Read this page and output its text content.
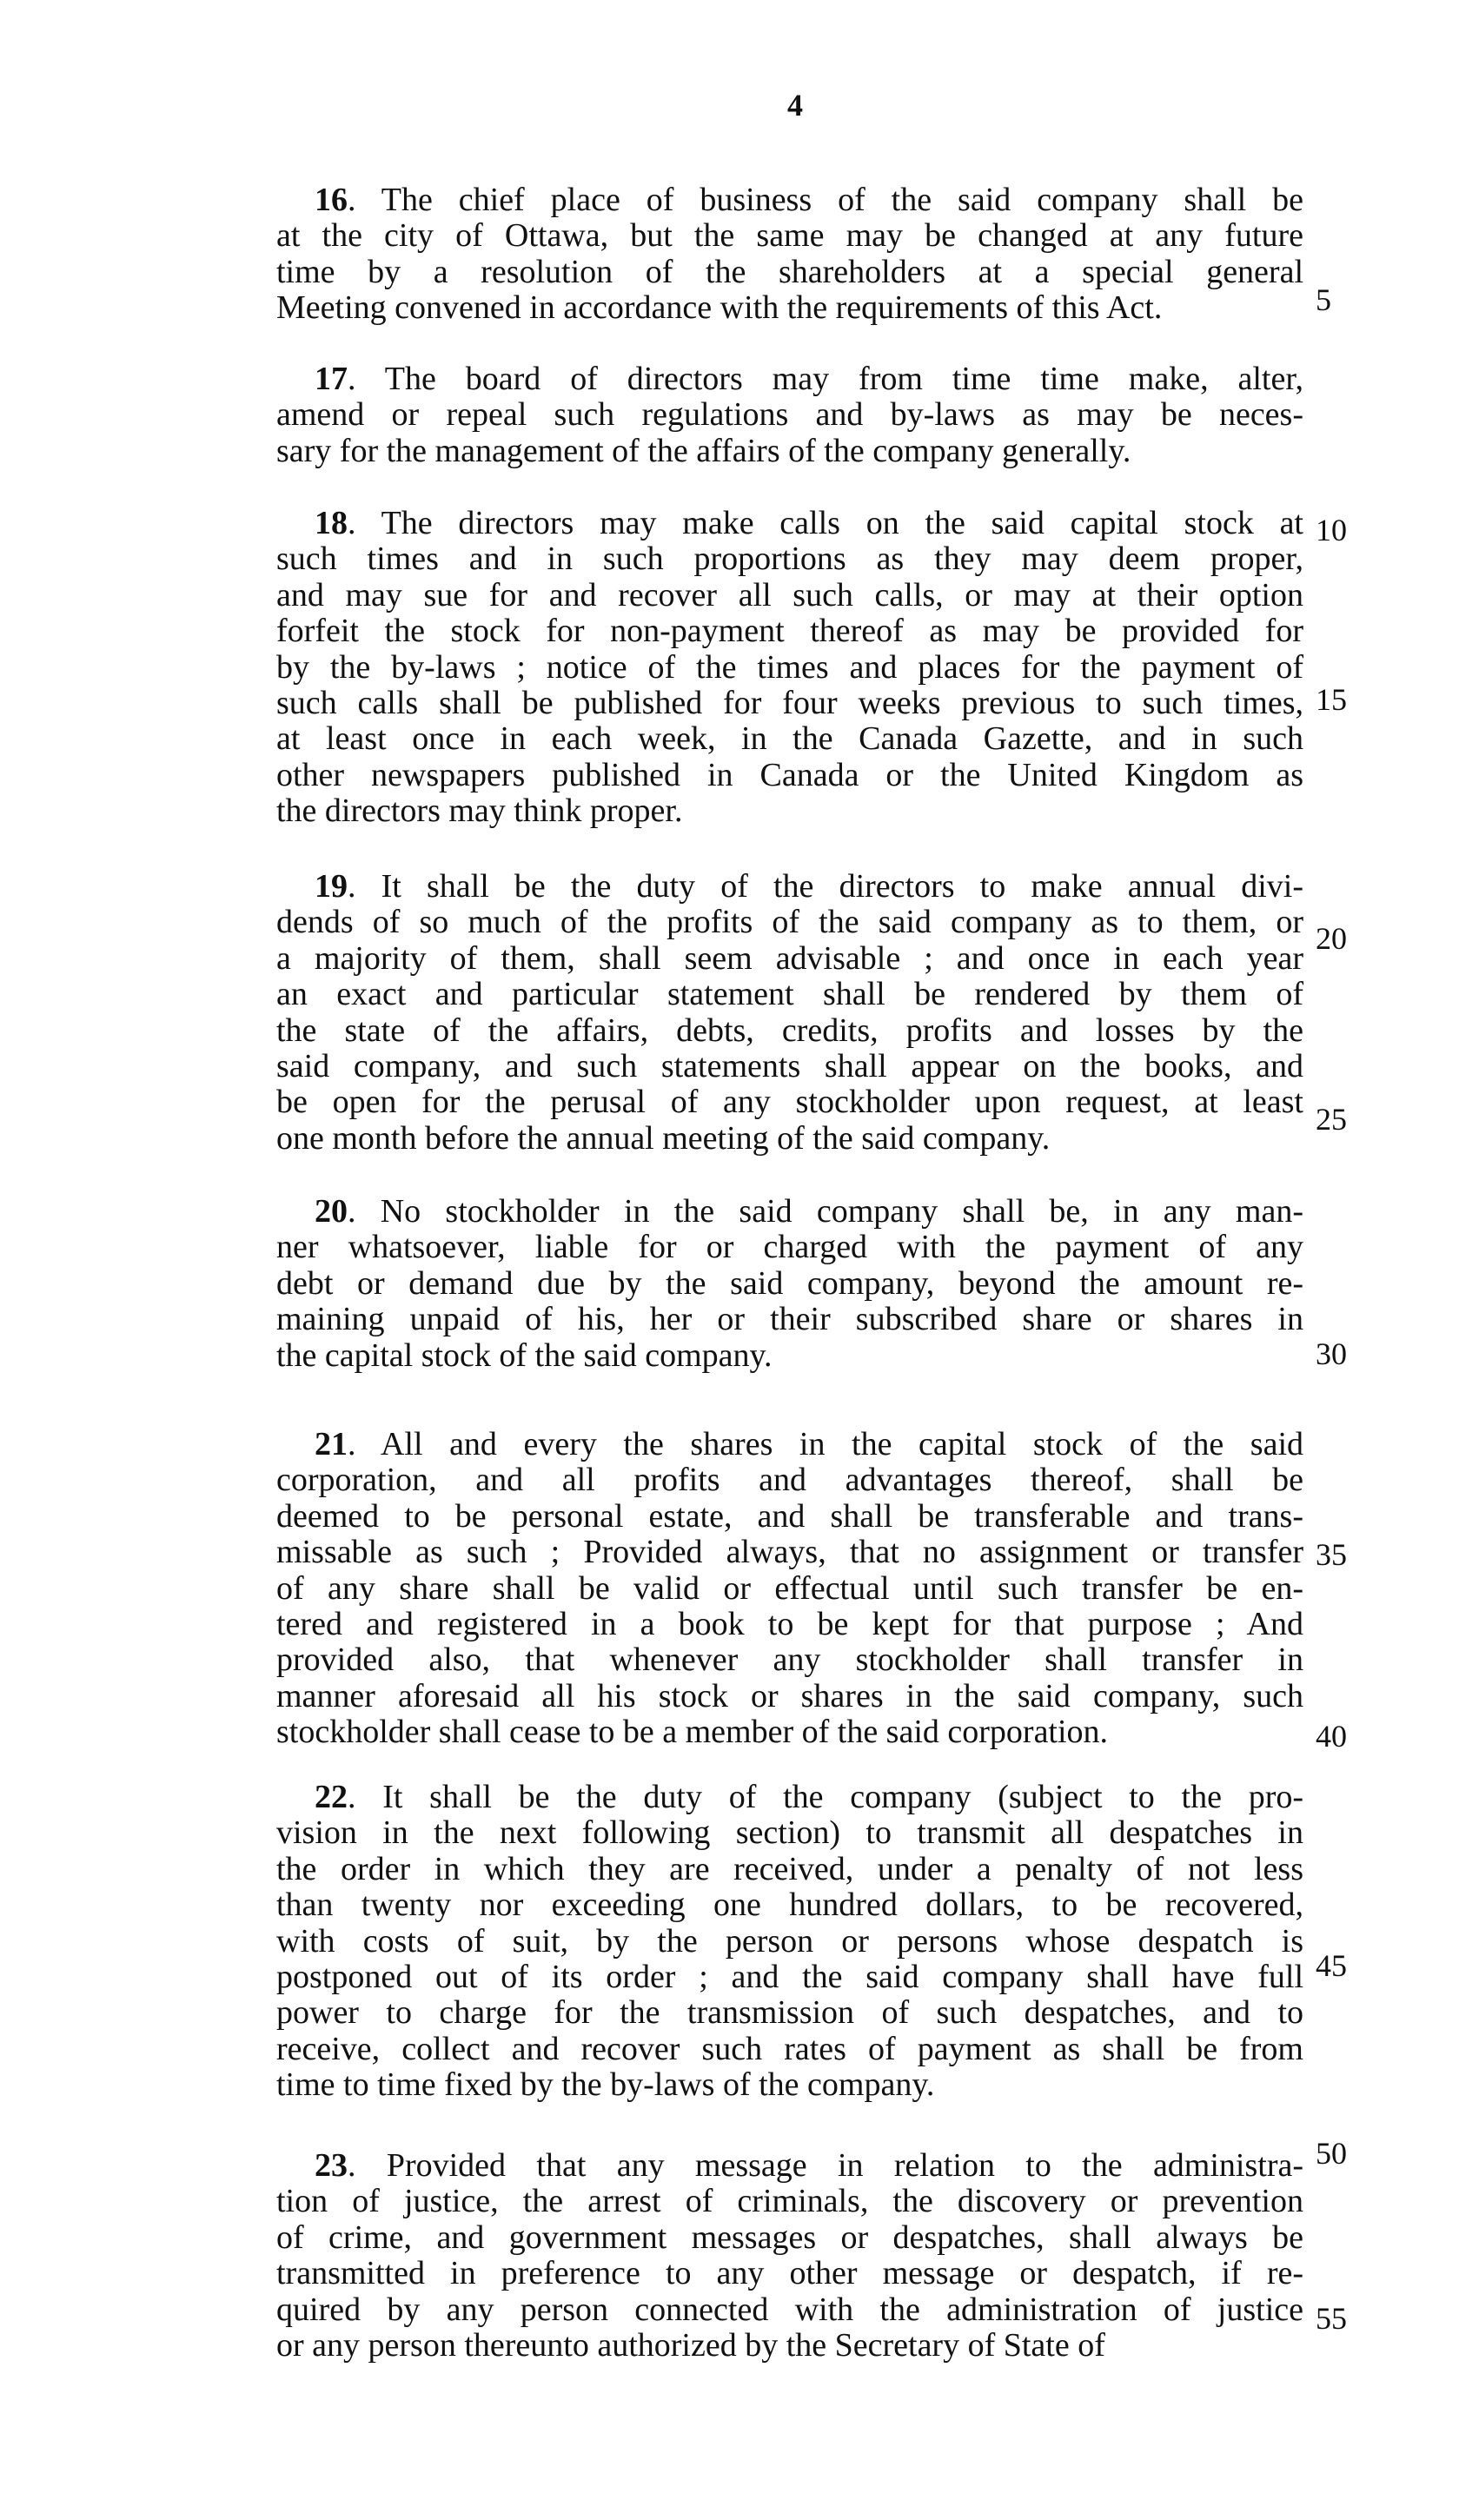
4
16. The chief place of business of the said company shall be
at the city of Ottawa, but the same may be changed at any future
time by a resolution of the shareholders at a special general
Meeting convened in accordance with the requirements of this Act.
17. The board of directors may from time time make, alter,
amend or repeal such regulations and by-laws as may be neces-
sary for the management of the affairs of the company generally.
18. The directors may make calls on the said capital stock at
such times and in such proportions as they may deem proper,
and may sue for and recover all such calls, or may at their option
forfeit the stock for non-payment thereof as may be provided for
by the by-laws ; notice of the times and places for the payment of
such calls shall be published for four weeks previous to such times,
at least once in each week, in the Canada Gazette, and in such
other newspapers published in Canada or the United Kingdom as
the directors may think proper.
19. It shall be the duty of the directors to make annual divi-
dends of so much of the profits of the said company as to them, or
a majority of them, shall seem advisable ; and once in each year
an exact and particular statement shall be rendered by them of
the state of the affairs, debts, credits, profits and losses by the
said company, and such statements shall appear on the books, and
be open for the perusal of any stockholder upon request, at least
one month before the annual meeting of the said company.
20. No stockholder in the said company shall be, in any man-
ner whatsoever, liable for or charged with the payment of any
debt or demand due by the said company, beyond the amount re-
maining unpaid of his, her or their subscribed share or shares in
the capital stock of the said company.
21. All and every the shares in the capital stock of the said
corporation, and all profits and advantages thereof, shall be
deemed to be personal estate, and shall be transferable and trans-
missable as such ; Provided always, that no assignment or transfer
of any share shall be valid or effectual until such transfer be en-
tered and registered in a book to be kept for that purpose ; And
provided also, that whenever any stockholder shall transfer in
manner aforesaid all his stock or shares in the said company, such
stockholder shall cease to be a member of the said corporation.
22. It shall be the duty of the company (subject to the pro-
vision in the next following section) to transmit all despatches in
the order in which they are received, under a penalty of not less
than twenty nor exceeding one hundred dollars, to be recovered,
with costs of suit, by the person or persons whose despatch is
postponed out of its order ; and the said company shall have full
power to charge for the transmission of such despatches, and to
receive, collect and recover such rates of payment as shall be from
time to time fixed by the by-laws of the company.
23. Provided that any message in relation to the administra-
tion of justice, the arrest of criminals, the discovery or prevention
of crime, and government messages or despatches, shall always be
transmitted in preference to any other message or despatch, if re-
quired by any person connected with the administration of justice
or any person thereunto authorized by the Secretary of State of
5
10
15
20
25
30
35
40
45
50
55
